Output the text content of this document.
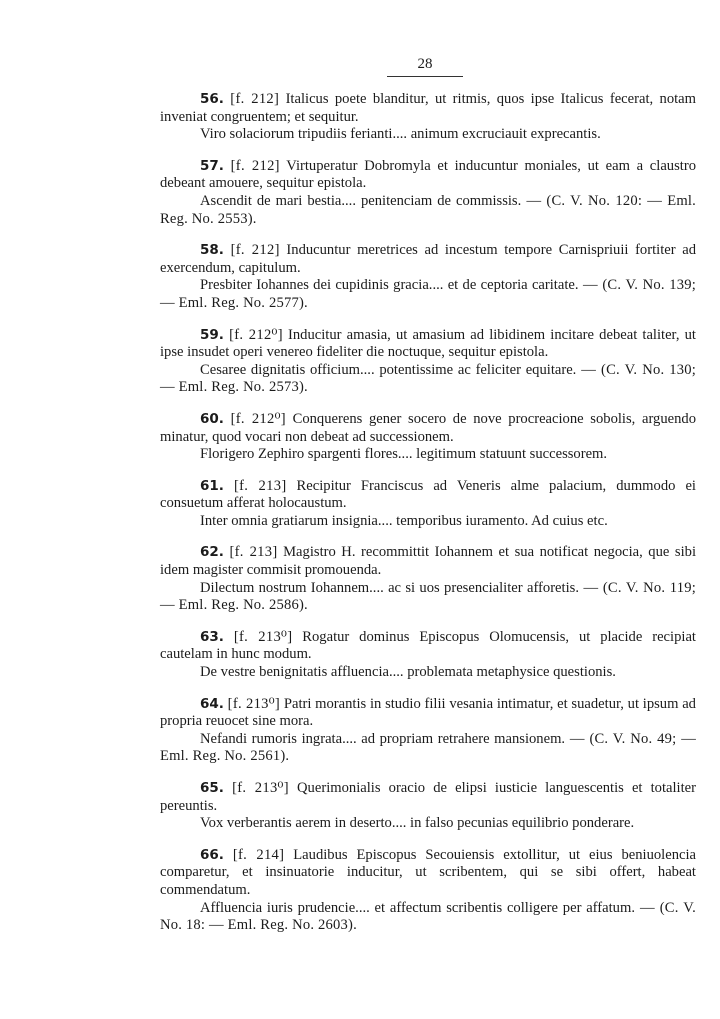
28

56. [f. 212] Italicus poete blanditur, ut ritmis, quos ipse Italicus fecerat, notam inveniat congruentem; et sequitur.

Viro solaciorum tripudiis ferianti.... animum excruciauit exprecantis.

57. [f. 212] Virtuperatur Dobromyla et inducuntur moniales, ut eam a claustro debeant amouere, sequitur epistola.

Ascendit de mari bestia.... penitenciam de commissis. — (C. V. No. 120: — Eml. Reg. No. 2553).

58. [f. 212] Inducuntur meretrices ad incestum tempore Carnispriuii fortiter ad exercendum, capitulum.

Presbiter Iohannes dei cupidinis gracia.... et de ceptoria caritate. — (C. V. No. 139; — Eml. Reg. No. 2577).

59. [f. 212⁰] Inducitur amasia, ut amasium ad libidinem incitare debeat taliter, ut ipse insudet operi venereo fideliter die noctuque, sequitur epistola.

Cesaree dignitatis officium.... potentissime ac feliciter equitare. — (C. V. No. 130; — Eml. Reg. No. 2573).

60. [f. 212⁰] Conquerens gener socero de nove procreacione sobolis, arguendo minatur, quod vocari non debeat ad successionem.

Florigero Zephiro spargenti flores.... legitimum statuunt successorem.

61. [f. 213] Recipitur Franciscus ad Veneris alme palacium, dummodo ei consuetum afferat holocaustum.

Inter omnia gratiarum insignia.... temporibus iuramento. Ad cuius etc.

62. [f. 213] Magistro H. recommittit Iohannem et sua notificat negocia, que sibi idem magister commisit promouenda.

Dilectum nostrum Iohannem.... ac si uos presencialiter afforetis. — (C. V. No. 119; — Eml. Reg. No. 2586).

63. [f. 213⁰] Rogatur dominus Episcopus Olomucensis, ut placide recipiat cautelam in hunc modum.

De vestre benignitatis affluencia.... problemata metaphysice questionis.

64. [f. 213⁰] Patri morantis in studio filii vesania intimatur, et suadetur, ut ipsum ad propria reuocet sine mora.

Nefandi rumoris ingrata.... ad propriam retrahere mansionem. — (C. V. No. 49; — Eml. Reg. No. 2561).

65. [f. 213⁰] Querimonialis oracio de elipsi iusticie languescentis et totaliter pereuntis.

Vox verberantis aerem in deserto.... in falso pecunias equilibrio ponderare.

66. [f. 214] Laudibus Episcopus Secouiensis extollitur, ut eius beniuolencia comparetur, et insinuatorie inducitur, ut scribentem, qui se sibi offert, habeat commendatum.

Affluencia iuris prudencie.... et affectum scribentis colligere per affatum. — (C. V. No. 18: — Eml. Reg. No. 2603).
